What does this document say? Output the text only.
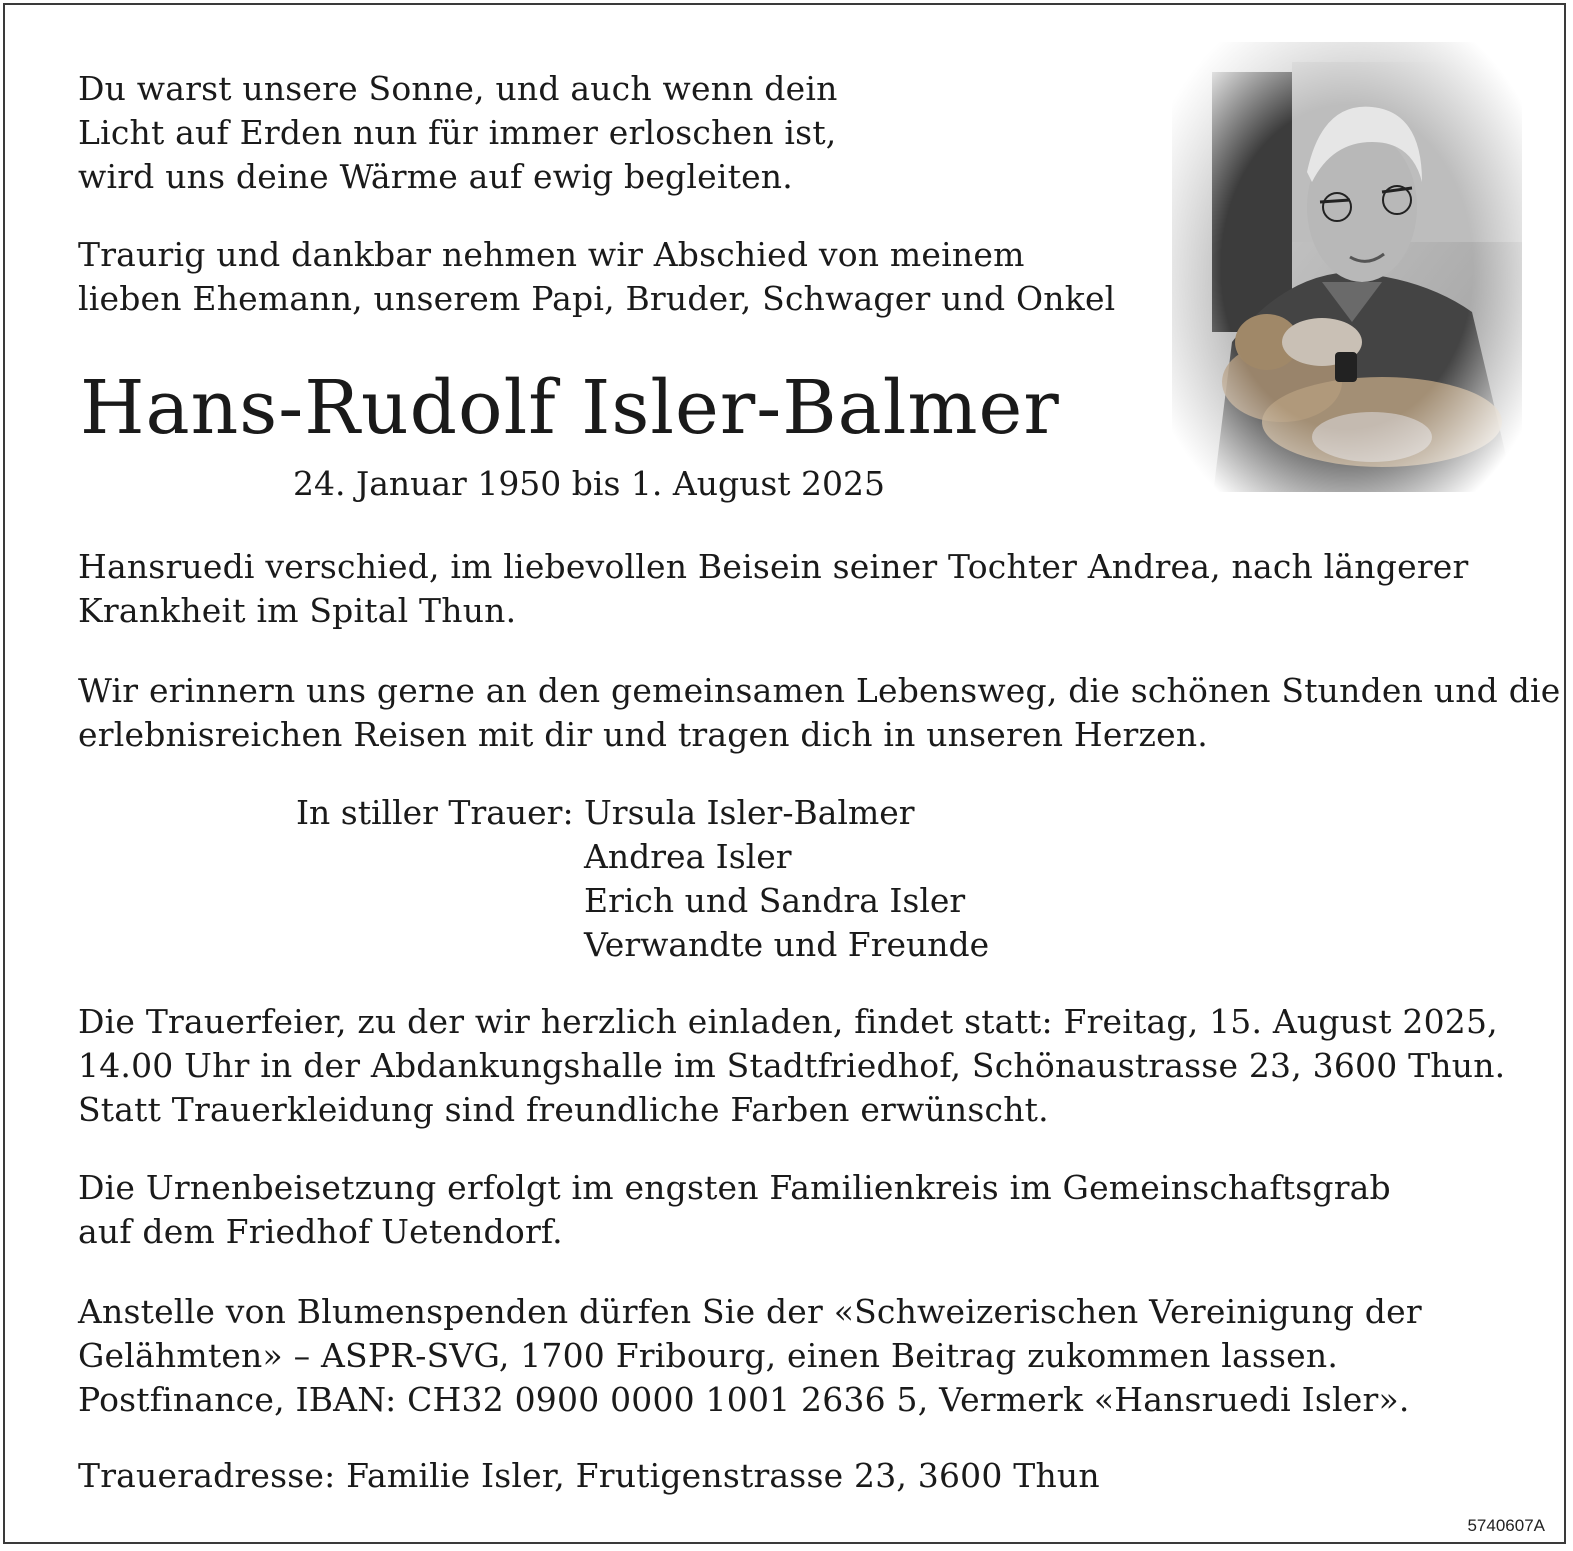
Du warst unsere Sonne, und auch wenn dein
Licht auf Erden nun für immer erloschen ist,
wird uns deine Wärme auf ewig begleiten.
Traurig und dankbar nehmen wir Abschied von meinem
lieben Ehemann, unserem Papi, Bruder, Schwager und Onkel
Hans-Rudolf Isler-Balmer
24. Januar 1950 bis 1. August 2025
Hansruedi verschied, im liebevollen Beisein seiner Tochter Andrea, nach längerer
Krankheit im Spital Thun.
Wir erinnern uns gerne an den gemeinsamen Lebensweg, die schönen Stunden und die
erlebnisreichen Reisen mit dir und tragen dich in unseren Herzen.
In stiller Trauer: Ursula Isler-Balmer
Andrea Isler
Erich und Sandra Isler
Verwandte und Freunde
Die Trauerfeier, zu der wir herzlich einladen, findet statt: Freitag, 15. August 2025,
14.00 Uhr in der Abdankungshalle im Stadtfriedhof, Schönaustrasse 23, 3600 Thun.
Statt Trauerkleidung sind freundliche Farben erwünscht.
Die Urnenbeisetzung erfolgt im engsten Familienkreis im Gemeinschaftsgrab
auf dem Friedhof Uetendorf.
Anstelle von Blumenspenden dürfen Sie der «Schweizerischen Vereinigung der
Gelähmten» – ASPR-SVG, 1700 Fribourg, einen Beitrag zukommen lassen.
Postfinance, IBAN: CH32 0900 0000 1001 2636 5, Vermerk «Hansruedi Isler».
Traueradresse: Familie Isler, Frutigenstrasse 23, 3600 Thun
5740607A
